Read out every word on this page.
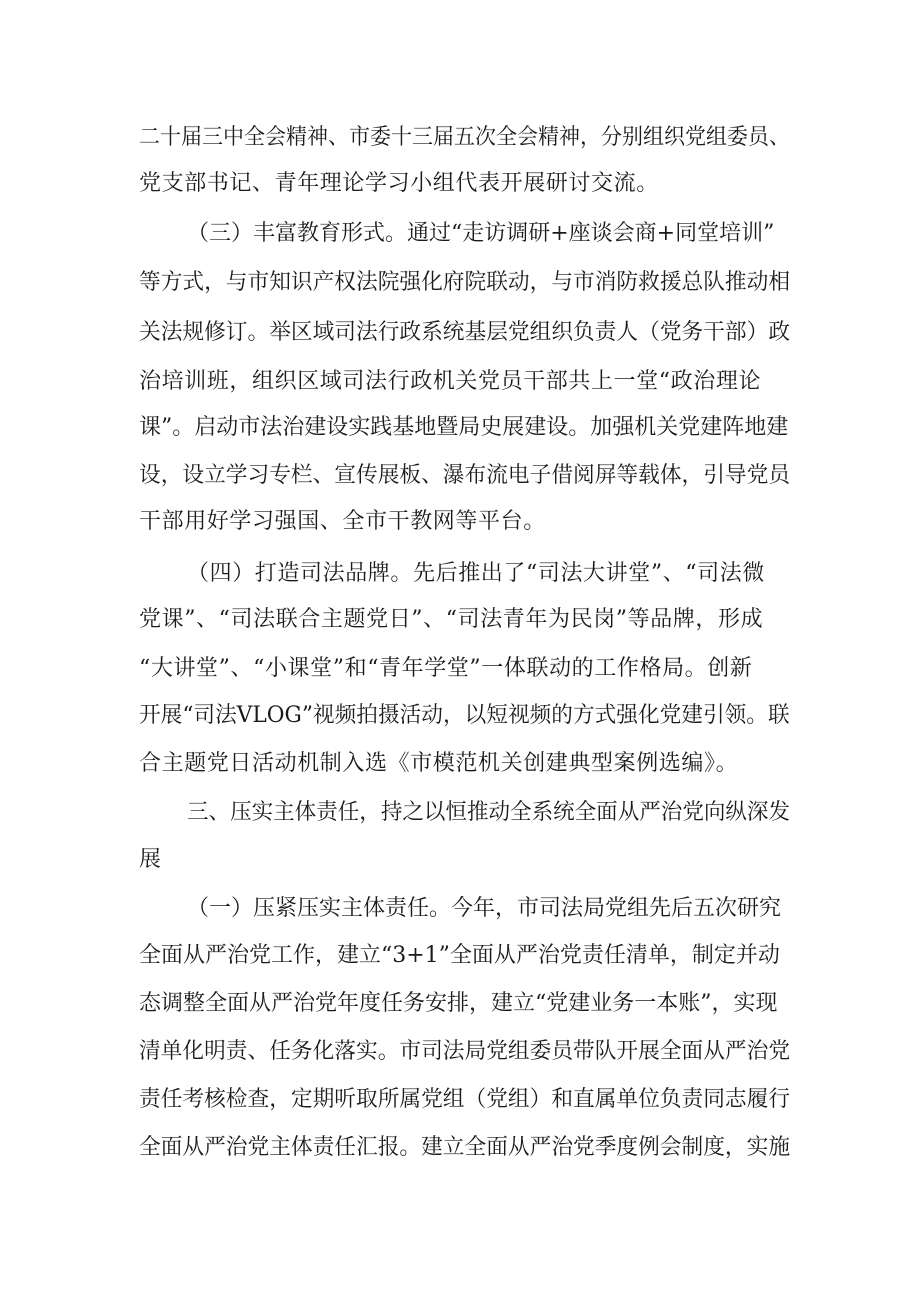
二十届三中全会精神、市委十三届五次全会精神，分别组织党组委员、
党支部书记、青年理论学习小组代表开展研讨交流。
（三）丰富教育形式。通过“走访调研+座谈会商+同堂培训”
等方式，与市知识产权法院强化府院联动，与市消防救援总队推动相
关法规修订。举区域司法行政系统基层党组织负责人（党务干部）政
治培训班，组织区域司法行政机关党员干部共上一堂“政治理论
课”。启动市法治建设实践基地暨局史展建设。加强机关党建阵地建
设，设立学习专栏、宣传展板、瀑布流电子借阅屏等载体，引导党员
干部用好学习强国、全市干教网等平台。
（四）打造司法品牌。先后推出了“司法大讲堂”、“司法微
党课”、“司法联合主题党日”、“司法青年为民岗”等品牌，形成
“大讲堂”、“小课堂”和“青年学堂”一体联动的工作格局。创新
开展“司法VLOG”视频拍摄活动，以短视频的方式强化党建引领。联
合主题党日活动机制入选《市模范机关创建典型案例选编》。
三、压实主体责任，持之以恒推动全系统全面从严治党向纵深发
展
（一）压紧压实主体责任。今年，市司法局党组先后五次研究
全面从严治党工作，建立“3+1”全面从严治党责任清单，制定并动
态调整全面从严治党年度任务安排，建立“党建业务一本账”，实现
清单化明责、任务化落实。市司法局党组委员带队开展全面从严治党
责任考核检查，定期听取所属党组（党组）和直属单位负责同志履行
全面从严治党主体责任汇报。建立全面从严治党季度例会制度，实施
